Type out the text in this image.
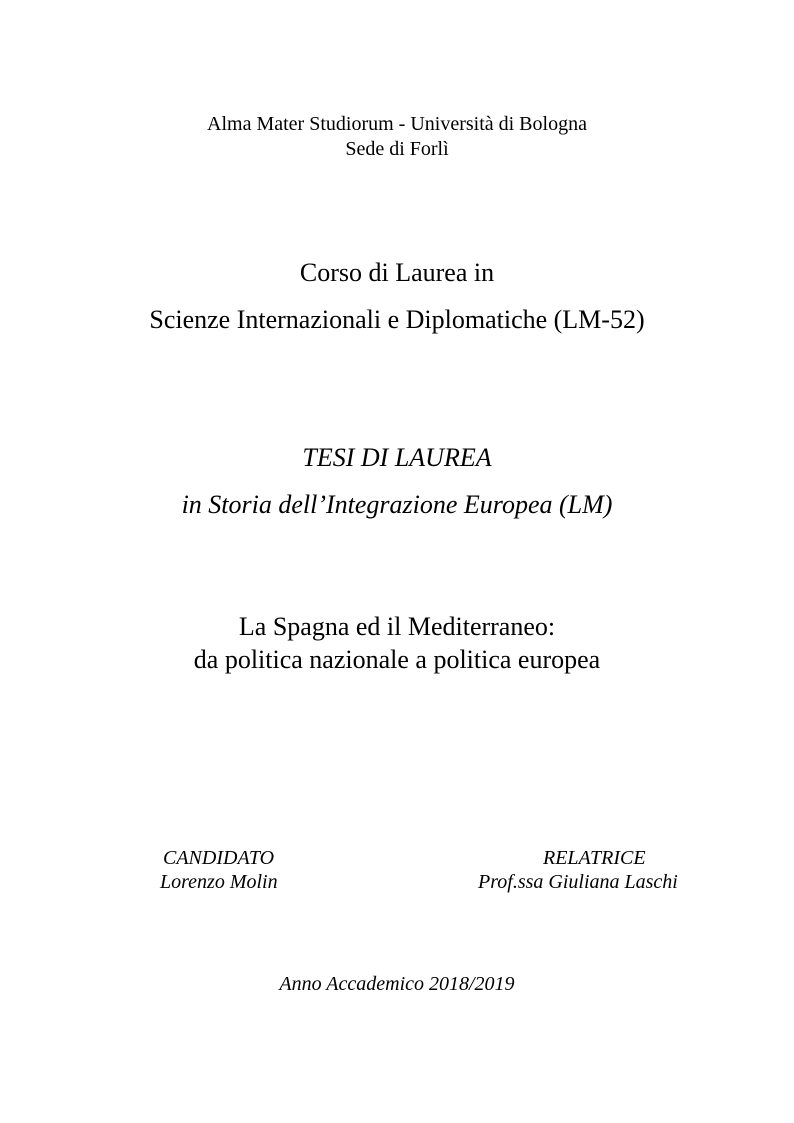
Alma Mater Studiorum - Università di Bologna
Sede di Forlì
Corso di Laurea in
Scienze Internazionali e Diplomatiche (LM-52)
TESI DI LAUREA
in Storia dell’Integrazione Europea (LM)
La Spagna ed il Mediterraneo:
da politica nazionale a politica europea
CANDIDATO
Lorenzo Molin
RELATRICE
Prof.ssa Giuliana Laschi
Anno Accademico 2018/2019
